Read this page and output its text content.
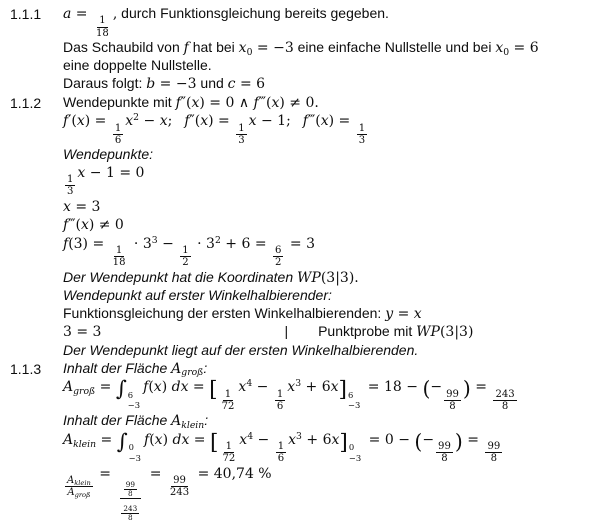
1.1.1 a =
$\frac{1}{18}$
, durch Funktionsgleichung bereits gegeben.
Das Schaubild von f hat bei $x_0 = -3$ eine einfache Nullstelle und bei $x_0 = 6$
eine doppelte Nullstelle.
Daraus folgt: b = −3 und c = 6
1.1.2 Wendepunkte mit f″(x) = 0 ∧ f‴(x) ≠ 0.
f′(x) =
$\frac{1}{6}$
$x^2 - x$; f″(x) =
$\frac{1}{3}$
x − 1; f‴(x) =
$\frac{1}{3}$
Wendepunkte:
$\frac{1}{3}$
x − 1 = 0
x = 3
f‴(x) ≠ 0
f(3) =
$\frac{1}{18}$
· $3^3$ −
$\frac{1}{2}$
· $3^2 + 6$ =
$\frac{6}{2}$
= 3
Der Wendepunkt hat die Koordinaten WP(3|3).
Wendepunkt auf erster Winkelhalbierender:
Funktionsgleichung der ersten Winkelhalbierenden: y = x
3 = 3	| Punktprobe mit WP(3|3)
Der Wendepunkt liegt auf der ersten Winkelhalbierenden.
1.1.3 Inhalt der Fläche $A_{groß}$:
$A_{groß}$ = ∫ 6
−3
f(x) dx = [ $\frac{1}{72}$
$x^4$ −
$\frac{1}{6}$
$x^3 + 6x$] 6
−3
= 18 − (−
$\frac{99}{8}$ ) =
$\frac{243}{8}$
Inhalt der Fläche $A_{klein}$:
$A_{klein}$ = ∫ 0
−3
f(x) dx = [ $\frac{1}{72}$
$x^4$ −
$\frac{1}{6}$
$x^3 + 6x$] 0
−3
= 0 − (−
$\frac{99}{8}$ ) =
$\frac{99}{8}$
$\frac{A_{klein}}{A_{groß}}$
=
$\frac{\frac{99}{8}}{\frac{243}{8}}$
=
$\frac{99}{243}$
= 40,74 %
